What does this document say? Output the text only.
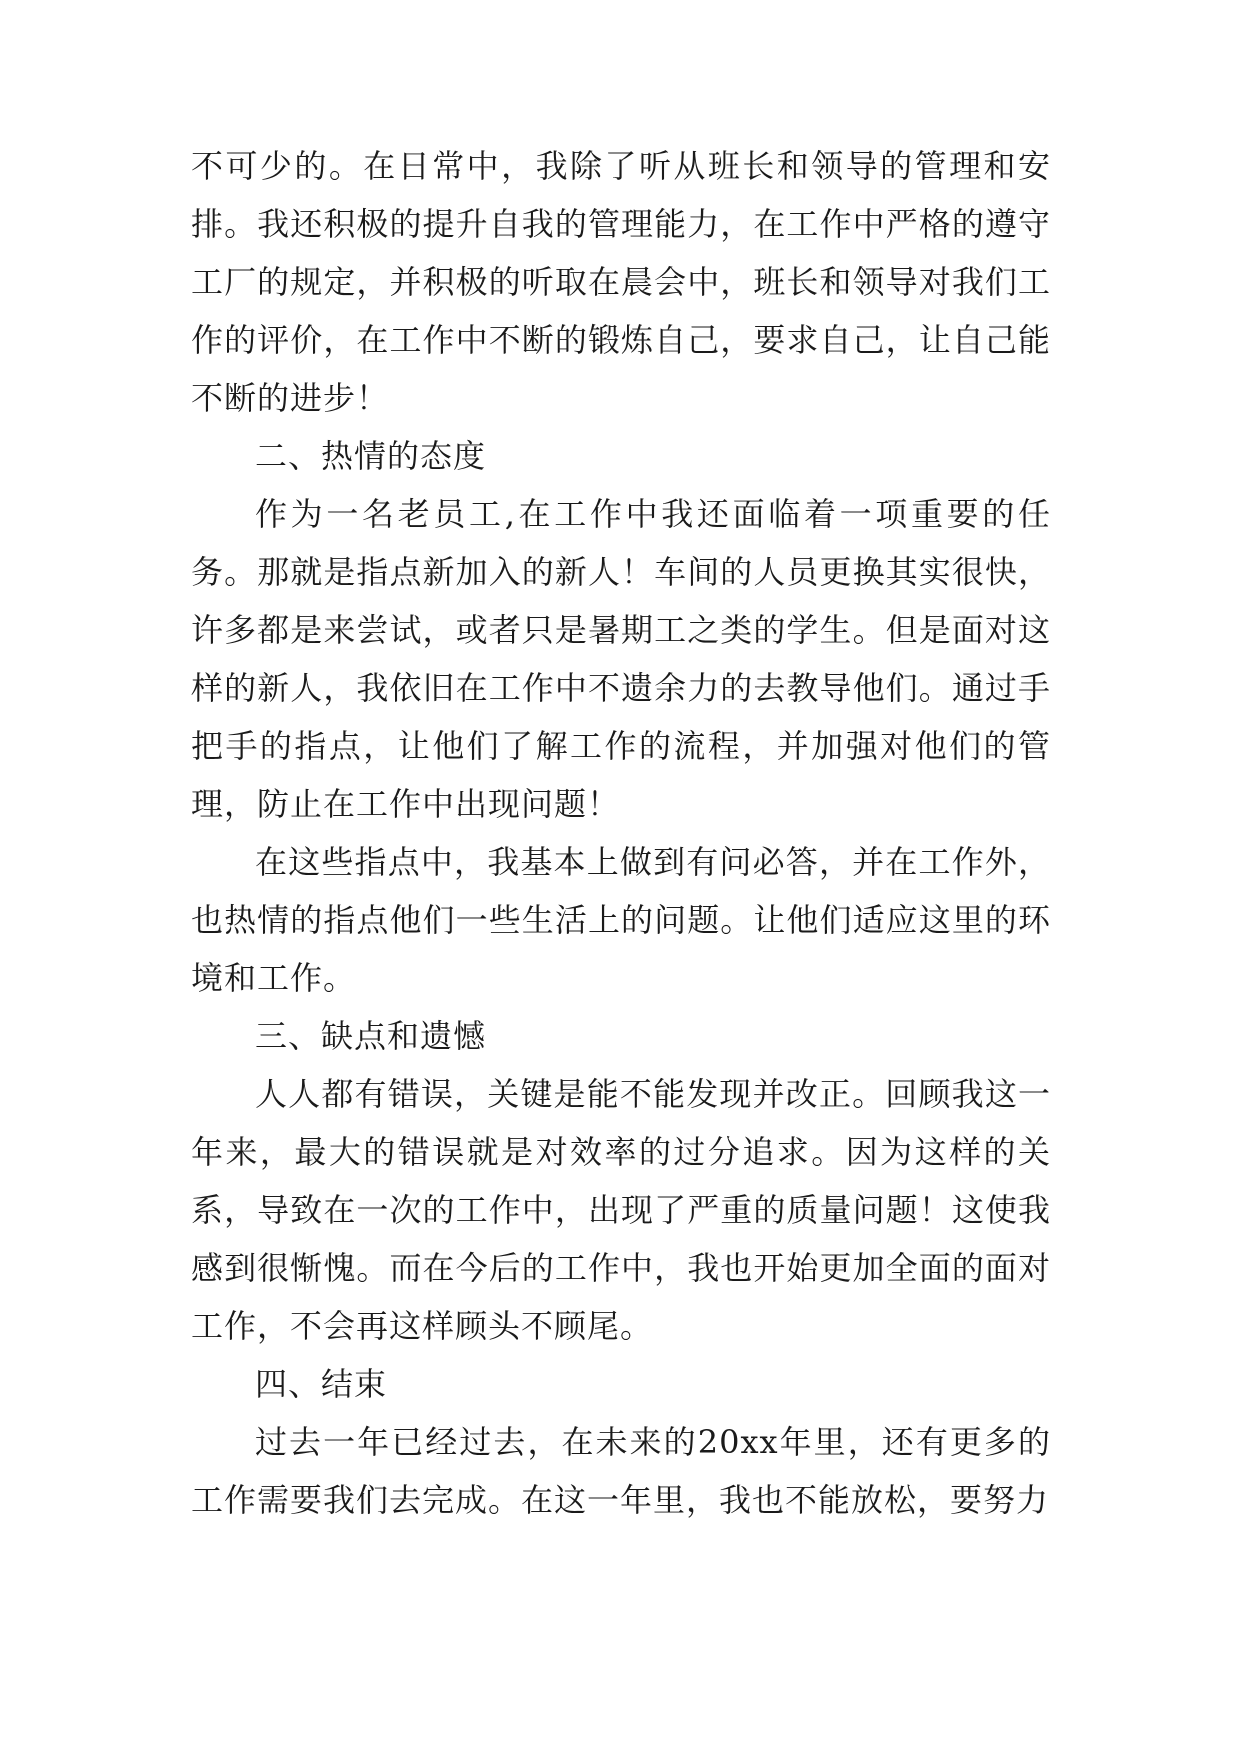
不可少的。在日常中，我除了听从班长和领导的管理和安排。我还积极的提升自我的管理能力，在工作中严格的遵守工厂的规定，并积极的听取在晨会中，班长和领导对我们工作的评价，在工作中不断的锻炼自己，要求自己，让自己能不断的进步！

二、热情的态度

作为一名老员工,在工作中我还面临着一项重要的任务。那就是指点新加入的新人！车间的人员更换其实很快，许多都是来尝试，或者只是暑期工之类的学生。但是面对这样的新人，我依旧在工作中不遗余力的去教导他们。通过手把手的指点，让他们了解工作的流程，并加强对他们的管理，防止在工作中出现问题！

在这些指点中，我基本上做到有问必答，并在工作外，也热情的指点他们一些生活上的问题。让他们适应这里的环境和工作。

三、缺点和遗憾

人人都有错误，关键是能不能发现并改正。回顾我这一年来，最大的错误就是对效率的过分追求。因为这样的关系，导致在一次的工作中，出现了严重的质量问题！这使我感到很惭愧。而在今后的工作中，我也开始更加全面的面对工作，不会再这样顾头不顾尾。

四、结束

过去一年已经过去，在未来的20xx年里，还有更多的工作需要我们去完成。在这一年里，我也不能放松，要努力
